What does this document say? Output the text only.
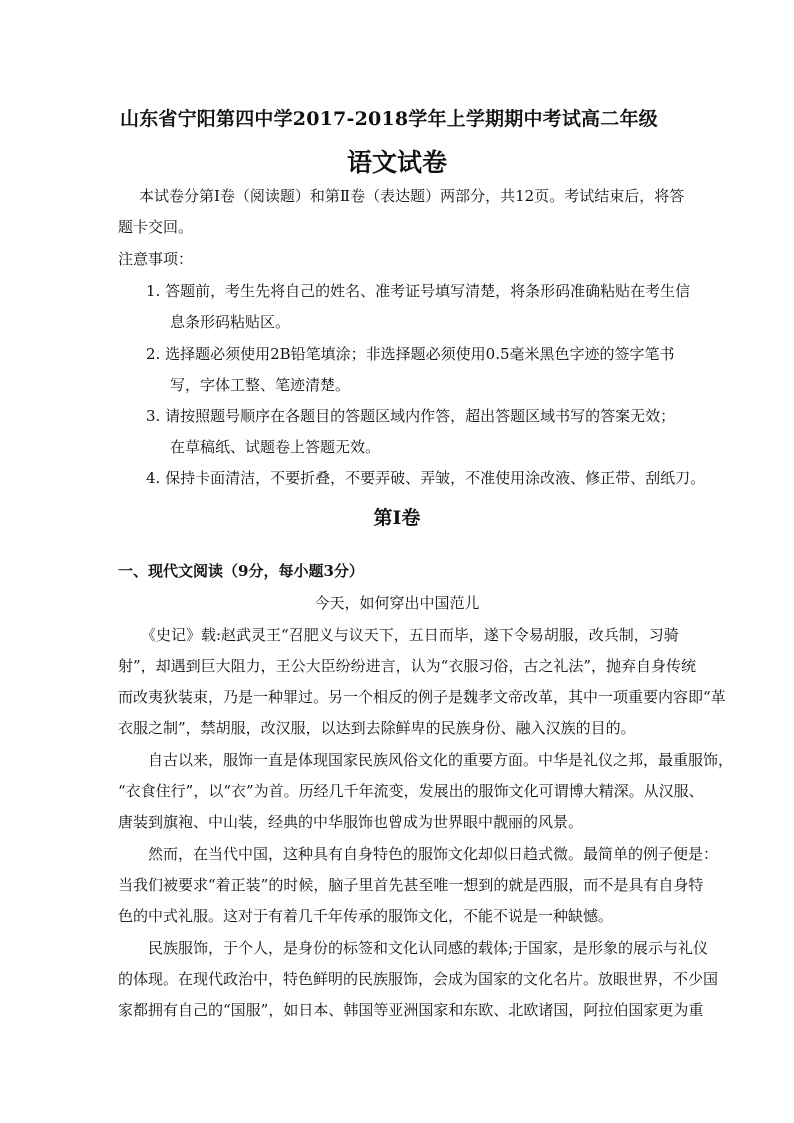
山东省宁阳第四中学2017-2018学年上学期期中考试高二年级
语文试卷
本试卷分第Ⅰ卷（阅读题）和第Ⅱ卷（表达题）两部分，共12页。考试结束后，将答
题卡交回。
注意事项：
1. 答题前，考生先将自己的姓名、准考证号填写清楚，将条形码准确粘贴在考生信
息条形码粘贴区。
2. 选择题必须使用2B铅笔填涂；非选择题必须使用0.5毫米黑色字迹的签字笔书
写，字体工整、笔迹清楚。
3. 请按照题号顺序在各题目的答题区域内作答，超出答题区域书写的答案无效；
在草稿纸、试题卷上答题无效。
4. 保持卡面清洁，不要折叠，不要弄破、弄皱，不准使用涂改液、修正带、刮纸刀。
第Ⅰ卷
一、现代文阅读（9分，每小题3分）
今天，如何穿出中国范儿
《史记》载:赵武灵王“召肥义与议天下，五日而毕，遂下令易胡服，改兵制，习骑
射”，却遇到巨大阻力，王公大臣纷纷进言，认为“衣服习俗，古之礼法”，抛弃自身传统
而改夷狄装束，乃是一种罪过。另一个相反的例子是魏孝文帝改革，其中一项重要内容即“革
衣服之制”，禁胡服，改汉服，以达到去除鲜卑的民族身份、融入汉族的目的。
自古以来，服饰一直是体现国家民族风俗文化的重要方面。中华是礼仪之邦，最重服饰，
“衣食住行”，以“衣”为首。历经几千年流变，发展出的服饰文化可谓博大精深。从汉服、
唐装到旗袍、中山装，经典的中华服饰也曾成为世界眼中靓丽的风景。
然而，在当代中国，这种具有自身特色的服饰文化却似日趋式微。最简单的例子便是：
当我们被要求“着正装”的时候，脑子里首先甚至唯一想到的就是西服，而不是具有自身特
色的中式礼服。这对于有着几千年传承的服饰文化，不能不说是一种缺憾。
民族服饰，于个人，是身份的标签和文化认同感的载体;于国家，是形象的展示与礼仪
的体现。在现代政治中，特色鲜明的民族服饰，会成为国家的文化名片。放眼世界，不少国
家都拥有自己的“国服”，如日本、韩国等亚洲国家和东欧、北欧诸国，阿拉伯国家更为重
